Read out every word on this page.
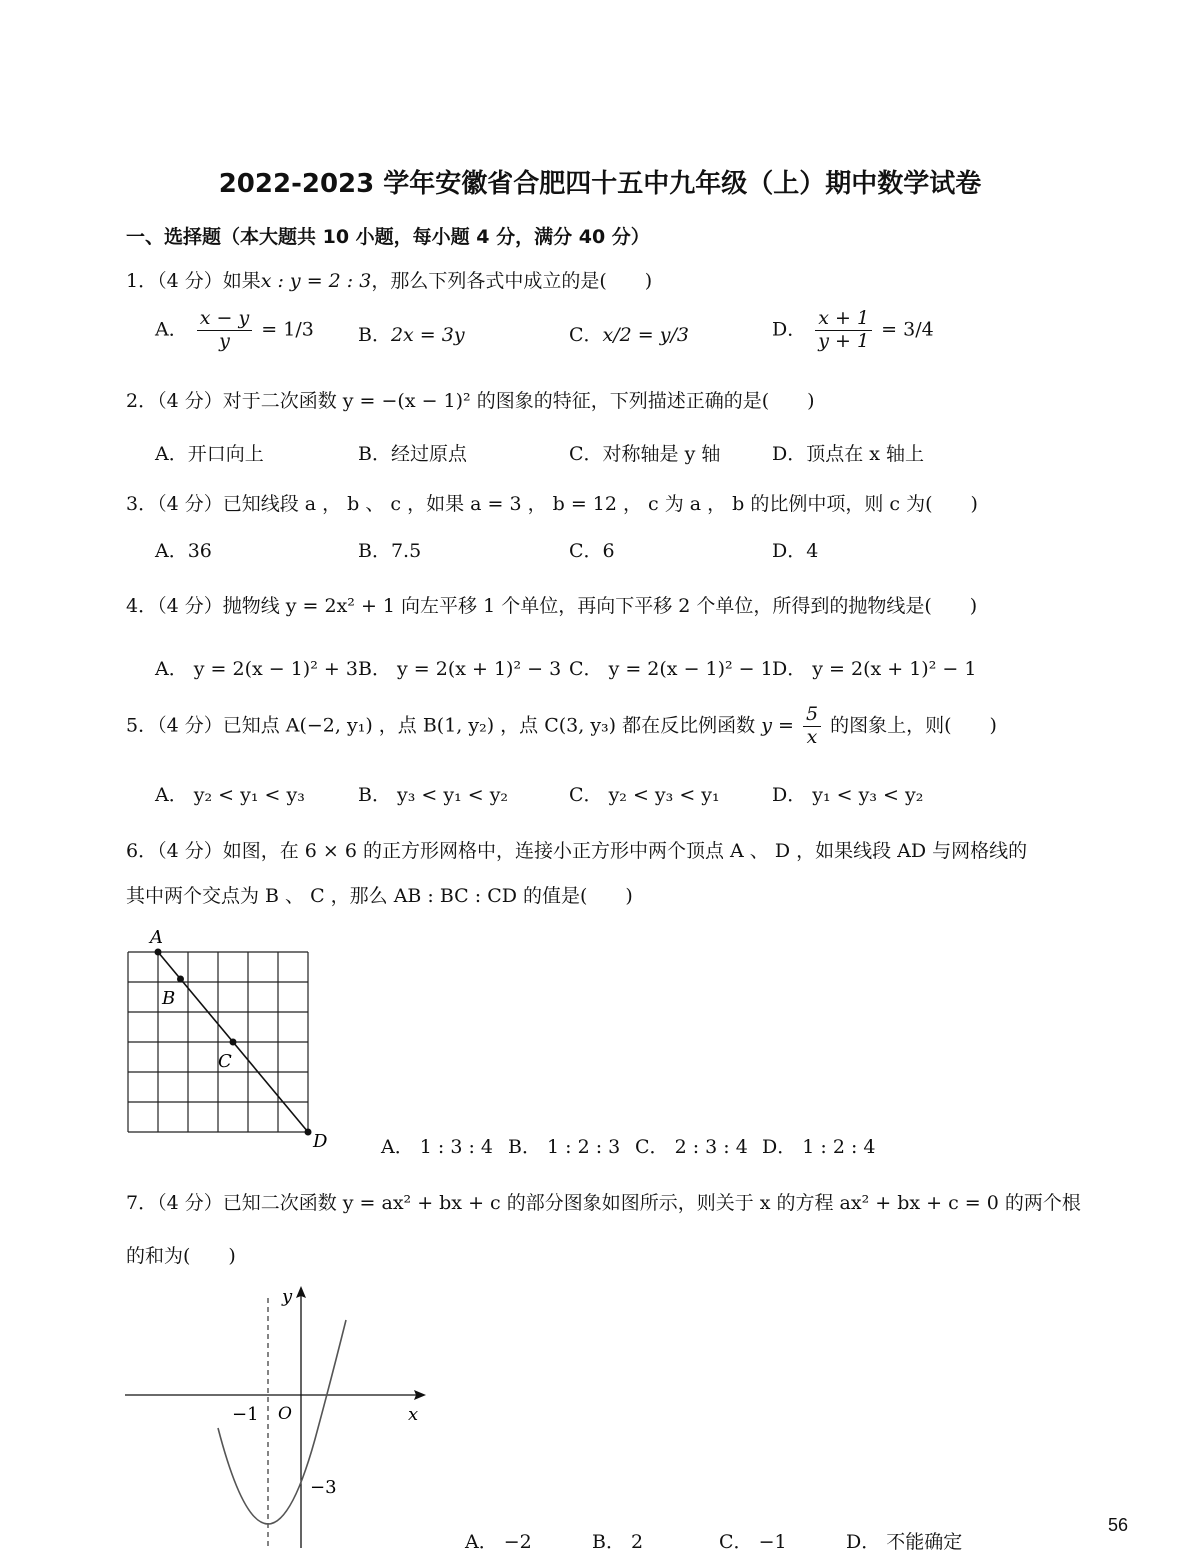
2022-2023 学年安徽省合肥四十五中九年级（上）期中数学试卷
一、选择题（本大题共 10 小题，每小题 4 分，满分 40 分）
1．（4 分）如果x : y = 2 : 3，那么下列各式中成立的是(　　)
A． $\frac{x - y}{y} = 1/3$ B．2x = 3y	C．x/2 = y/3	D． $\frac{x + 1}{y + 1} = 3/4$
2．（4 分）对于二次函数 y = −(x − 1)² 的图象的特征，下列描述正确的是(　　)
A．开口向上	B．经过原点	C．对称轴是 y 轴	D．顶点在 x 轴上
3．（4 分）已知线段 a ， b 、 c ，如果 a = 3 ， b = 12 ， c 为 a ， b 的比例中项，则 c 为(　　)
A．36	B．7.5	C．6	D．4
4．（4 分）抛物线 y = 2x² + 1 向左平移 1 个单位，再向下平移 2 个单位，所得到的抛物线是(　　)
A． y = 2(x − 1)² + 3 B． y = 2(x + 1)² − 3 C． y = 2(x − 1)² − 1 D． y = 2(x + 1)² − 1
5．（4 分）已知点 A(−2, y₁) ，点 B(1, y₂) ，点 C(3, y₃) 都在反比例函数 $y = \frac{5}{x}$ 的图象上，则(　　)
A． y₂ < y₁ < y₃	B． y₃ < y₁ < y₂	C． y₂ < y₃ < y₁	D． y₁ < y₃ < y₂
6．（4 分）如图，在 6 × 6 的正方形网格中，连接小正方形中两个顶点 A 、 D ，如果线段 AD 与网格线的
其中两个交点为 B 、 C ，那么 AB : BC : CD 的值是(　　)
A
B
C
D	A． 1 : 3 : 4 B． 1 : 2 : 3 C． 2 : 3 : 4 D． 1 : 2 : 4
7．（4 分）已知二次函数 y = ax² + bx + c 的部分图象如图所示，则关于 x 的方程 ax² + bx + c = 0 的两个根
的和为(　　)
y
x
O
−1
−3
A． −2	B． 2	C． −1	D． 不能确定
56
